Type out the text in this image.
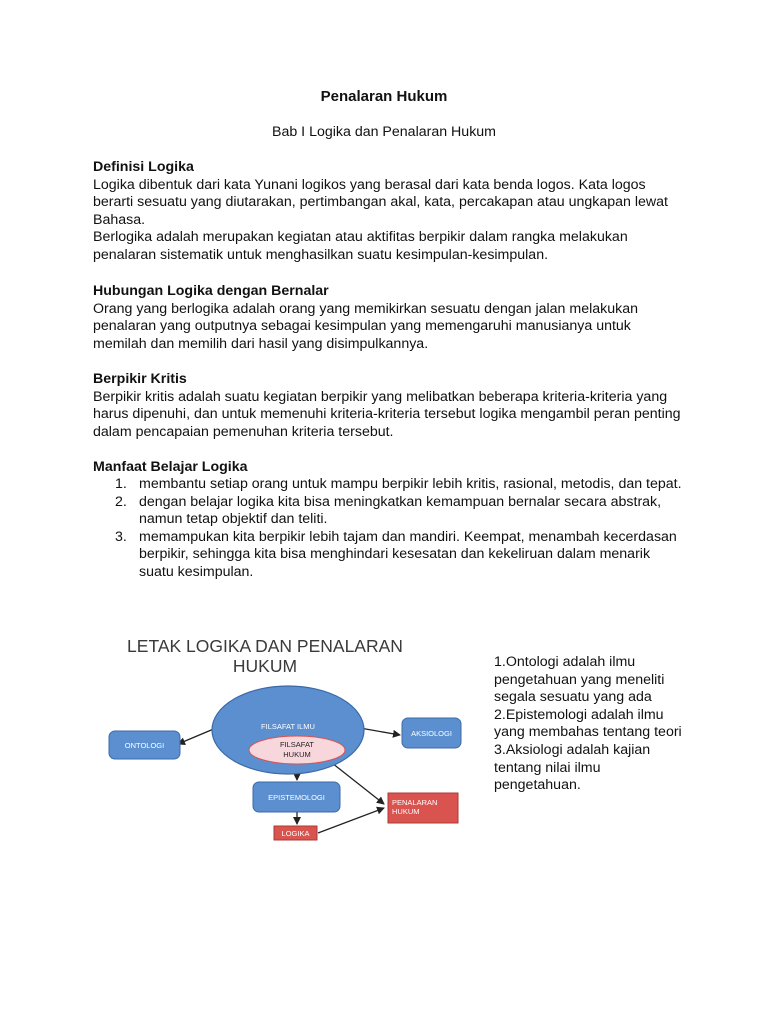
Penalaran Hukum
Bab I Logika dan Penalaran Hukum
Definisi Logika

Logika dibentuk dari kata Yunani logikos yang berasal dari kata benda logos. Kata logos berarti sesuatu yang diutarakan, pertimbangan akal, kata, percakapan atau ungkapan lewat Bahasa.

Berlogika adalah merupakan kegiatan atau aktifitas berpikir dalam rangka melakukan penalaran sistematik untuk menghasilkan suatu kesimpulan-kesimpulan.

Hubungan Logika dengan Bernalar

Orang yang berlogika adalah orang yang memikirkan sesuatu dengan jalan melakukan penalaran yang outputnya sebagai kesimpulan yang memengaruhi manusianya untuk memilah dan memilih dari hasil yang disimpulkannya.

Berpikir Kritis

Berpikir kritis adalah suatu kegiatan berpikir yang melibatkan beberapa kriteria-kriteria yang harus dipenuhi, dan untuk memenuhi kriteria-kriteria tersebut logika mengambil peran penting dalam pencapaian pemenuhan kriteria tersebut.

Manfaat Belajar Logika
1. membantu setiap orang untuk mampu berpikir lebih kritis, rasional, metodis, dan tepat.
2. dengan belajar logika kita bisa meningkatkan kemampuan bernalar secara abstrak, namun tetap objektif dan teliti.
3. memampukan kita berpikir lebih tajam dan mandiri. Keempat, menambah kecerdasan berpikir, sehingga kita bisa menghindari kesesatan dan kekeliruan dalam menarik suatu kesimpulan.
LETAK LOGIKA DAN PENALARAN
HUKUM
FILSAFAT ILMU
FILSAFAT
HUKUM
ONTOLOGI
AKSIOLOGI
EPISTEMOLOGI
PENALARAN
HUKUM
LOGIKA

1.Ontologi adalah ilmu pengetahuan yang meneliti segala sesuatu yang ada

2.Epistemologi adalah ilmu yang membahas tentang teori

3.Aksiologi adalah kajian tentang nilai ilmu pengetahuan.
